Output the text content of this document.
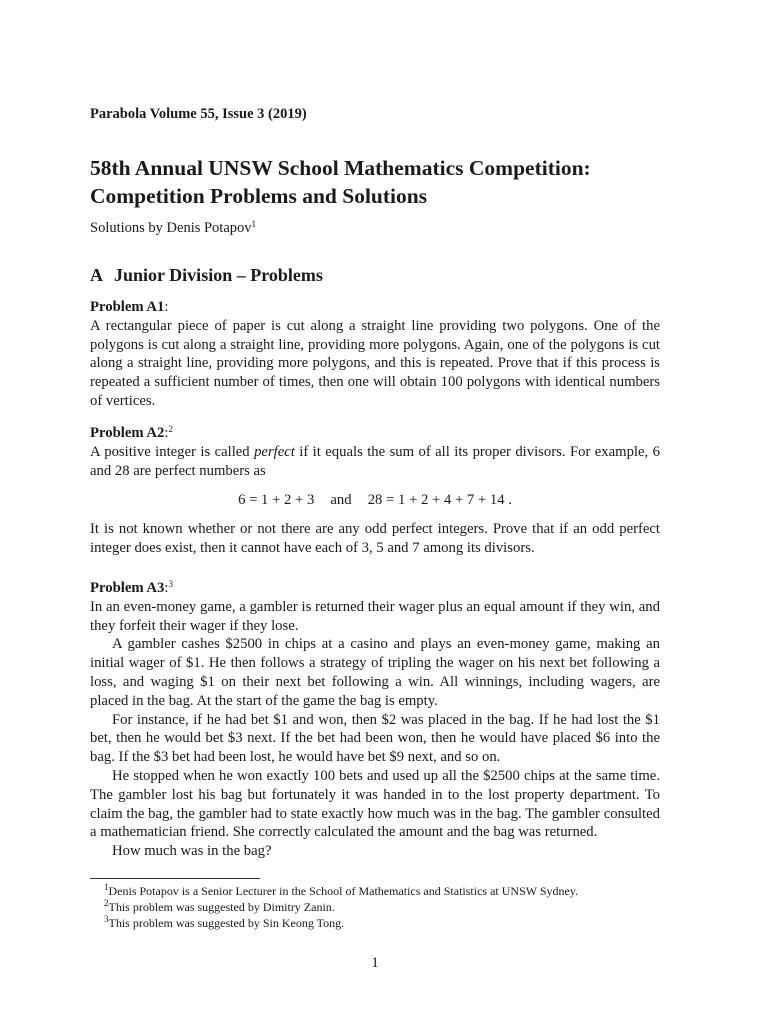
Parabola Volume 55, Issue 3 (2019)
58th Annual UNSW School Mathematics Competition:
Competition Problems and Solutions
Solutions by Denis Potapov$^1$
A Junior Division – Problems

Problem A1:

A rectangular piece of paper is cut along a straight line providing two polygons. One of the polygons is cut along a straight line, providing more polygons. Again, one of the polygons is cut along a straight line, providing more polygons, and this is repeated. Prove that if this process is repeated a sufficient number of times, then one will obtain 100 polygons with identical numbers of vertices.

Problem A2:$^2$

A positive integer is called perfect if it equals the sum of all its proper divisors. For example, 6 and 28 are perfect numbers as

6 = 1 + 2 + 3 and 28 = 1 + 2 + 4 + 7 + 14 .

It is not known whether or not there are any odd perfect integers. Prove that if an odd perfect integer does exist, then it cannot have each of 3, 5 and 7 among its divisors.

Problem A3:$^3$

In an even-money game, a gambler is returned their wager plus an equal amount if they win, and they forfeit their wager if they lose.

A gambler cashes $2500 in chips at a casino and plays an even-money game, making an initial wager of $1. He then follows a strategy of tripling the wager on his next bet following a loss, and waging $1 on their next bet following a win. All winnings, including wagers, are placed in the bag. At the start of the game the bag is empty.

For instance, if he had bet $1 and won, then $2 was placed in the bag. If he had lost the $1 bet, then he would bet $3 next. If the bet had been won, then he would have placed $6 into the bag. If the $3 bet had been lost, he would have bet $9 next, and so on.

He stopped when he won exactly 100 bets and used up all the $2500 chips at the same time. The gambler lost his bag but fortunately it was handed in to the lost property department. To claim the bag, the gambler had to state exactly how much was in the bag. The gambler consulted a mathematician friend. She correctly calculated the amount and the bag was returned.

How much was in the bag?

$^1$Denis Potapov is a Senior Lecturer in the School of Mathematics and Statistics at UNSW Sydney.
$^2$This problem was suggested by Dimitry Zanin.
$^3$This problem was suggested by Sin Keong Tong.
1
